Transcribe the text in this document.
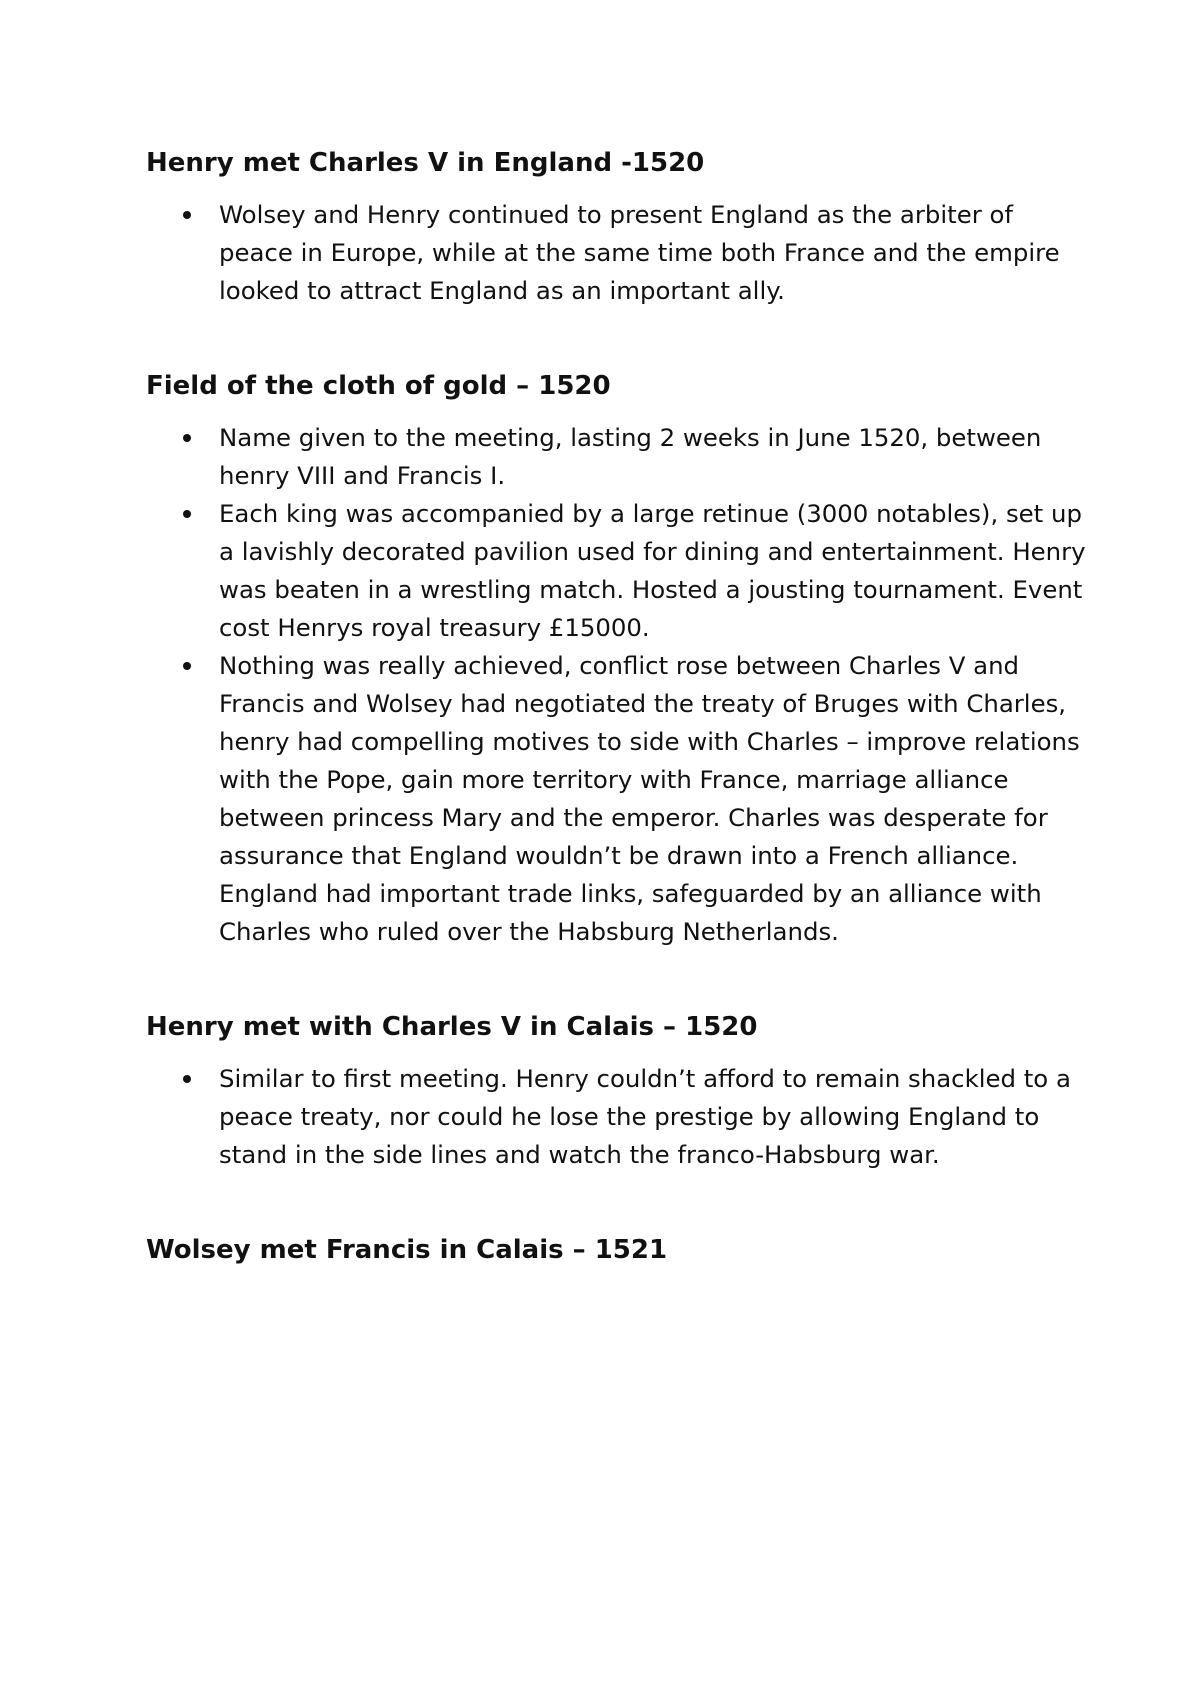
Henry met Charles V in England -1520
Wolsey and Henry continued to present England as the arbiter of peace in Europe, while at the same time both France and the empire looked to attract England as an important ally.
Field of the cloth of gold – 1520
Name given to the meeting, lasting 2 weeks in June 1520, between henry VIII and Francis I.
Each king was accompanied by a large retinue (3000 notables), set up a lavishly decorated pavilion used for dining and entertainment. Henry was beaten in a wrestling match. Hosted a jousting tournament. Event cost Henrys royal treasury £15000.
Nothing was really achieved, conflict rose between Charles V and Francis and Wolsey had negotiated the treaty of Bruges with Charles, henry had compelling motives to side with Charles – improve relations with the Pope, gain more territory with France, marriage alliance between princess Mary and the emperor. Charles was desperate for assurance that England wouldn’t be drawn into a French alliance. England had important trade links, safeguarded by an alliance with Charles who ruled over the Habsburg Netherlands.
Henry met with Charles V in Calais – 1520
Similar to first meeting. Henry couldn’t afford to remain shackled to a peace treaty, nor could he lose the prestige by allowing England to stand in the side lines and watch the franco-Habsburg war.
Wolsey met Francis in Calais – 1521
